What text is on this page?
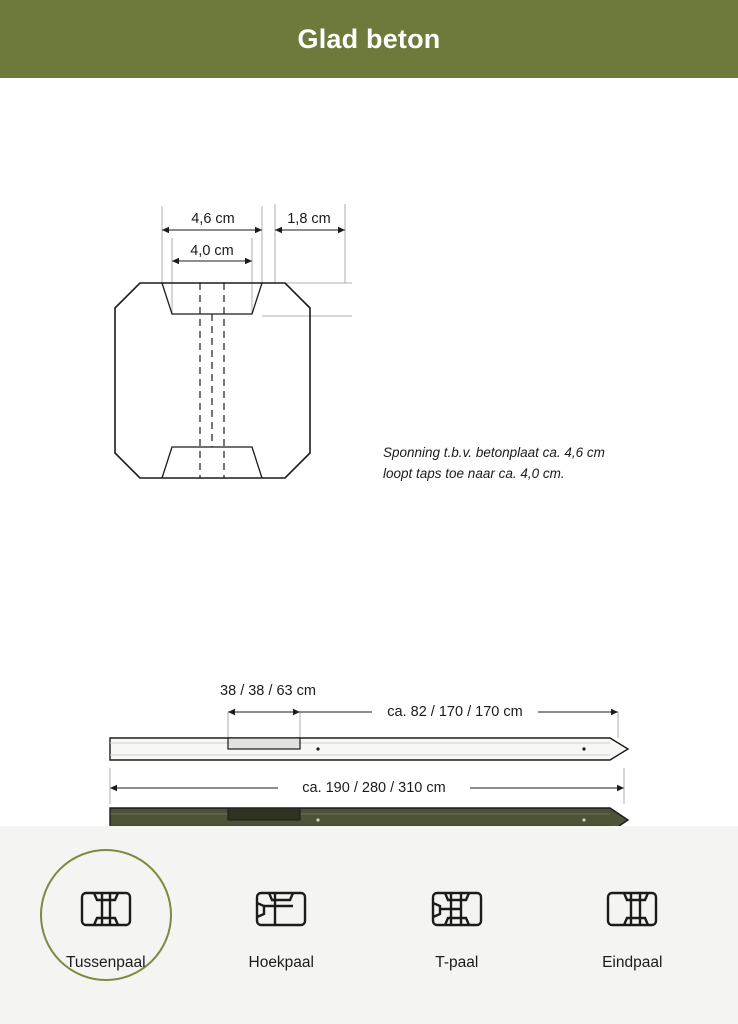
Glad beton
4,6 cm	1,8 cm
4,0 cm
38 / 38 / 63 cm
ca. 82 / 170 / 170 cm
ca. 190 / 280 / 310 cm
Sponning t.b.v. betonplaat ca. 4,6 cm loopt taps toe naar ca. 4,0 cm.
Tussenpaal	Hoekpaal	T-paal	Eindpaal
